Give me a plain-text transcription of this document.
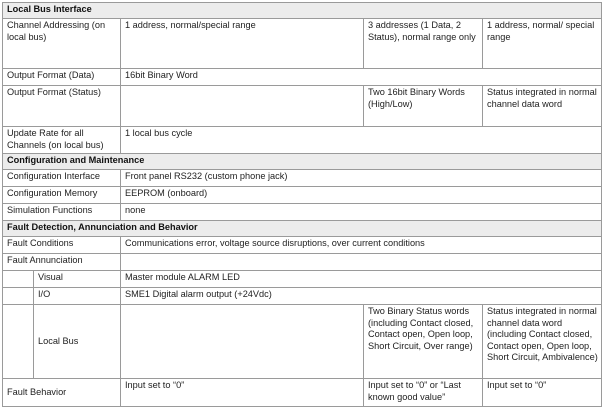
Local Bus Interface				
Channel Addressing (on local bus)		1 address, normal/special range	3 addresses (1 Data, 2 Status), normal range only	1 address, normal/ special range
Output Format (Data)		16bit Binary Word		
Output Format (Status)			Two 16bit Binary Words (High/Low)	Status integrated in normal channel data word
Update Rate for all Channels (on local bus)		1 local bus cycle		
Configuration and Maintenance				
Configuration Interface		Front panel RS232 (custom phone jack)		
Configuration Memory		EEPROM (onboard)		
Simulation Functions		none		
Fault Detection, Annunciation and Behavior				
Fault Conditions		Communications error, voltage source disruptions, over current conditions		
Fault Annunciation				
	Visual	Master module ALARM LED		
	I/O	SME1 Digital alarm output (+24Vdc)		
	Local Bus		Two Binary Status words (including Contact closed, Contact open, Open loop, Short Circuit, Over range)	Status integrated in normal channel data word (including Contact closed, Contact open, Open loop, Short Circuit, Ambivalence)
Fault Behavior		Input set to “0”	Input set to “0” or “Last known good value”	Input set to “0”
